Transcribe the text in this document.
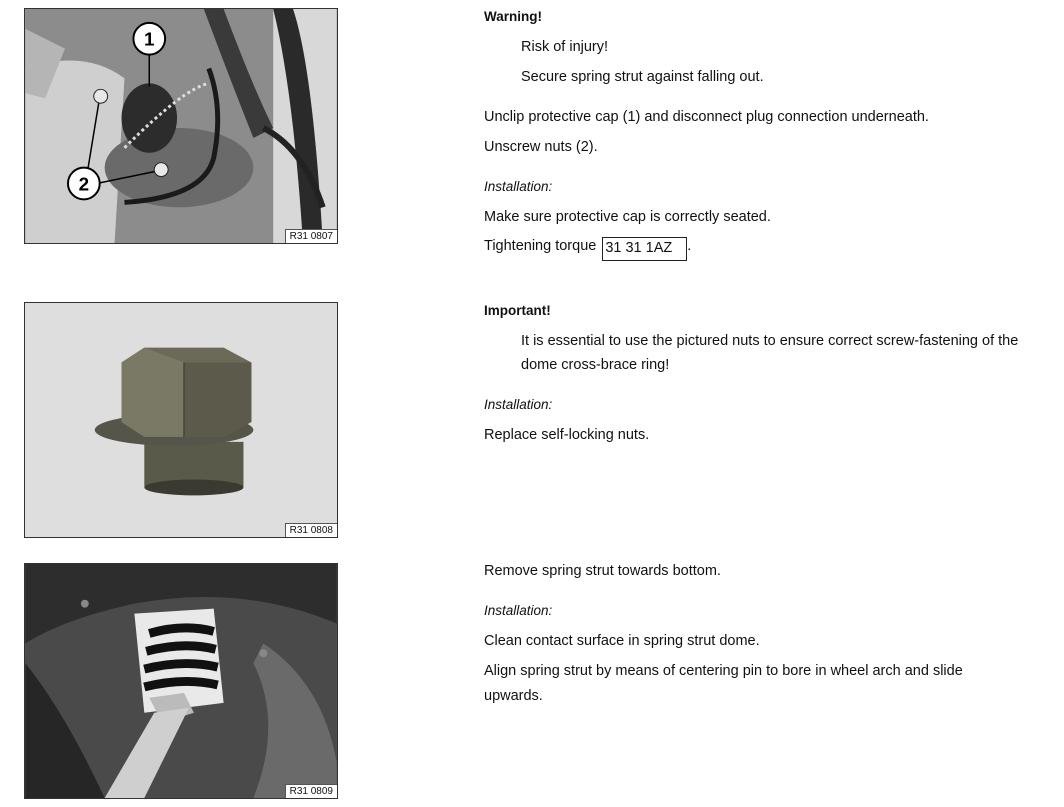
1
2
R31 0807
R31 0808
R31 0809
Warning!
Risk of injury!
Secure spring strut against falling out.
Unclip protective cap (1) and disconnect plug connection underneath.
Unscrew nuts (2).
Installation:
Make sure protective cap is correctly seated.
Tightening torque 31 31 1AZ .
Important!
It is essential to use the pictured nuts to ensure correct screw-fastening of the
dome cross-brace ring!
Installation:
Replace self-locking nuts.
Remove spring strut towards bottom.
Installation:
Clean contact surface in spring strut dome.
Align spring strut by means of centering pin to bore in wheel arch and slide
upwards.
